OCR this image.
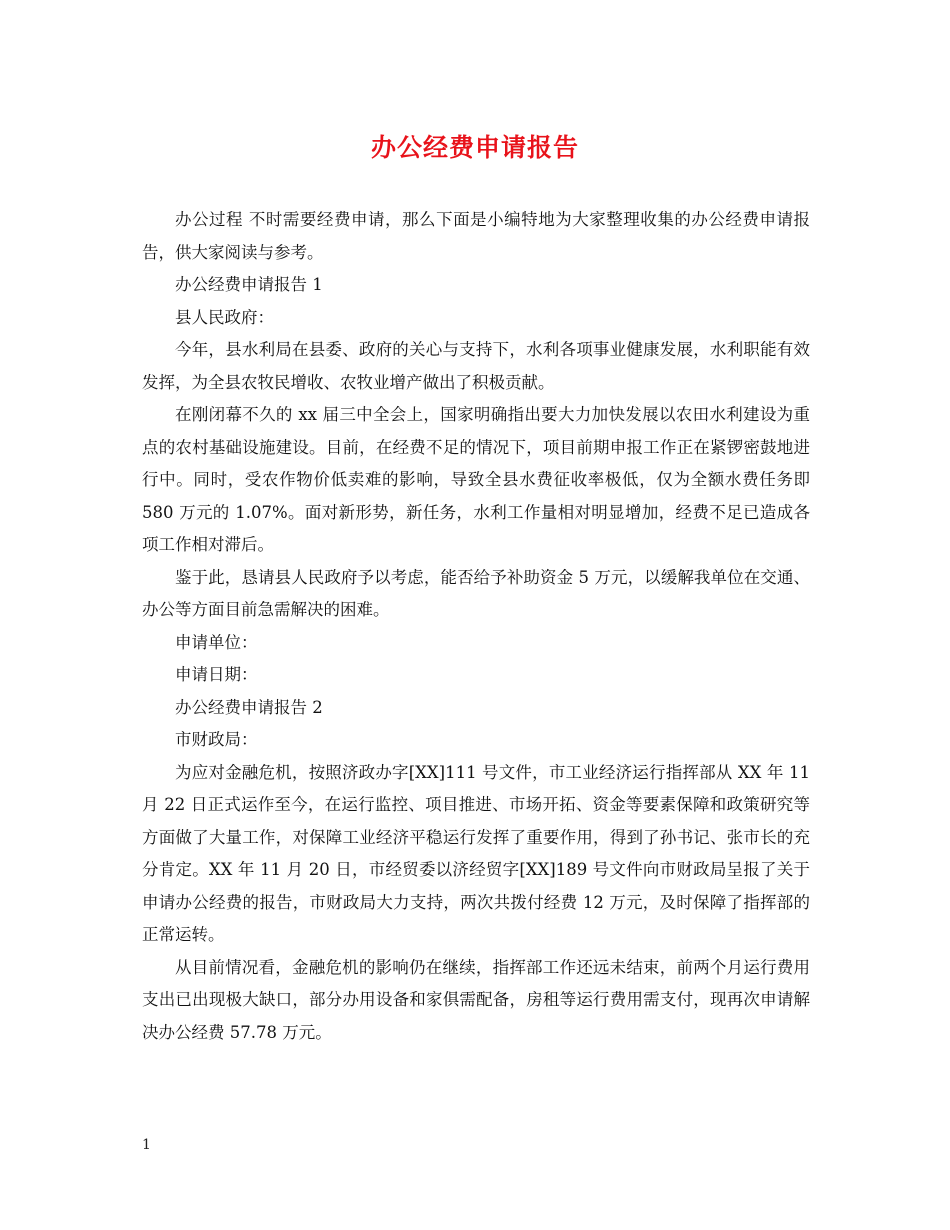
办公经费申请报告

办公过程 不时需要经费申请，那么下面是小编特地为大家整理收集的办公经费申请报告，供大家阅读与参考。

办公经费申请报告 1

县人民政府：

今年，县水利局在县委、政府的关心与支持下，水利各项事业健康发展，水利职能有效发挥，为全县农牧民增收、农牧业增产做出了积极贡献。

在刚闭幕不久的 xx 届三中全会上，国家明确指出要大力加快发展以农田水利建设为重点的农村基础设施建设。目前，在经费不足的情况下，项目前期申报工作正在紧锣密鼓地进行中。同时，受农作物价低卖难的影响，导致全县水费征收率极低，仅为全额水费任务即 580 万元的 1.07%。面对新形势，新任务，水利工作量相对明显增加，经费不足已造成各项工作相对滞后。

鉴于此，恳请县人民政府予以考虑，能否给予补助资金 5 万元，以缓解我单位在交通、办公等方面目前急需解决的困难。

申请单位：

申请日期：

办公经费申请报告 2

市财政局：

为应对金融危机，按照济政办字[XX]111 号文件，市工业经济运行指挥部从 XX 年 11 月 22 日正式运作至今，在运行监控、项目推进、市场开拓、资金等要素保障和政策研究等方面做了大量工作，对保障工业经济平稳运行发挥了重要作用，得到了孙书记、张市长的充分肯定。XX 年 11 月 20 日，市经贸委以济经贸字[XX]189 号文件向市财政局呈报了关于申请办公经费的报告，市财政局大力支持，两次共拨付经费 12 万元，及时保障了指挥部的正常运转。

从目前情况看，金融危机的影响仍在继续，指挥部工作还远未结束，前两个月运行费用支出已出现极大缺口，部分办用设备和家俱需配备，房租等运行费用需支付，现再次申请解决办公经费 57.78 万元。

1
